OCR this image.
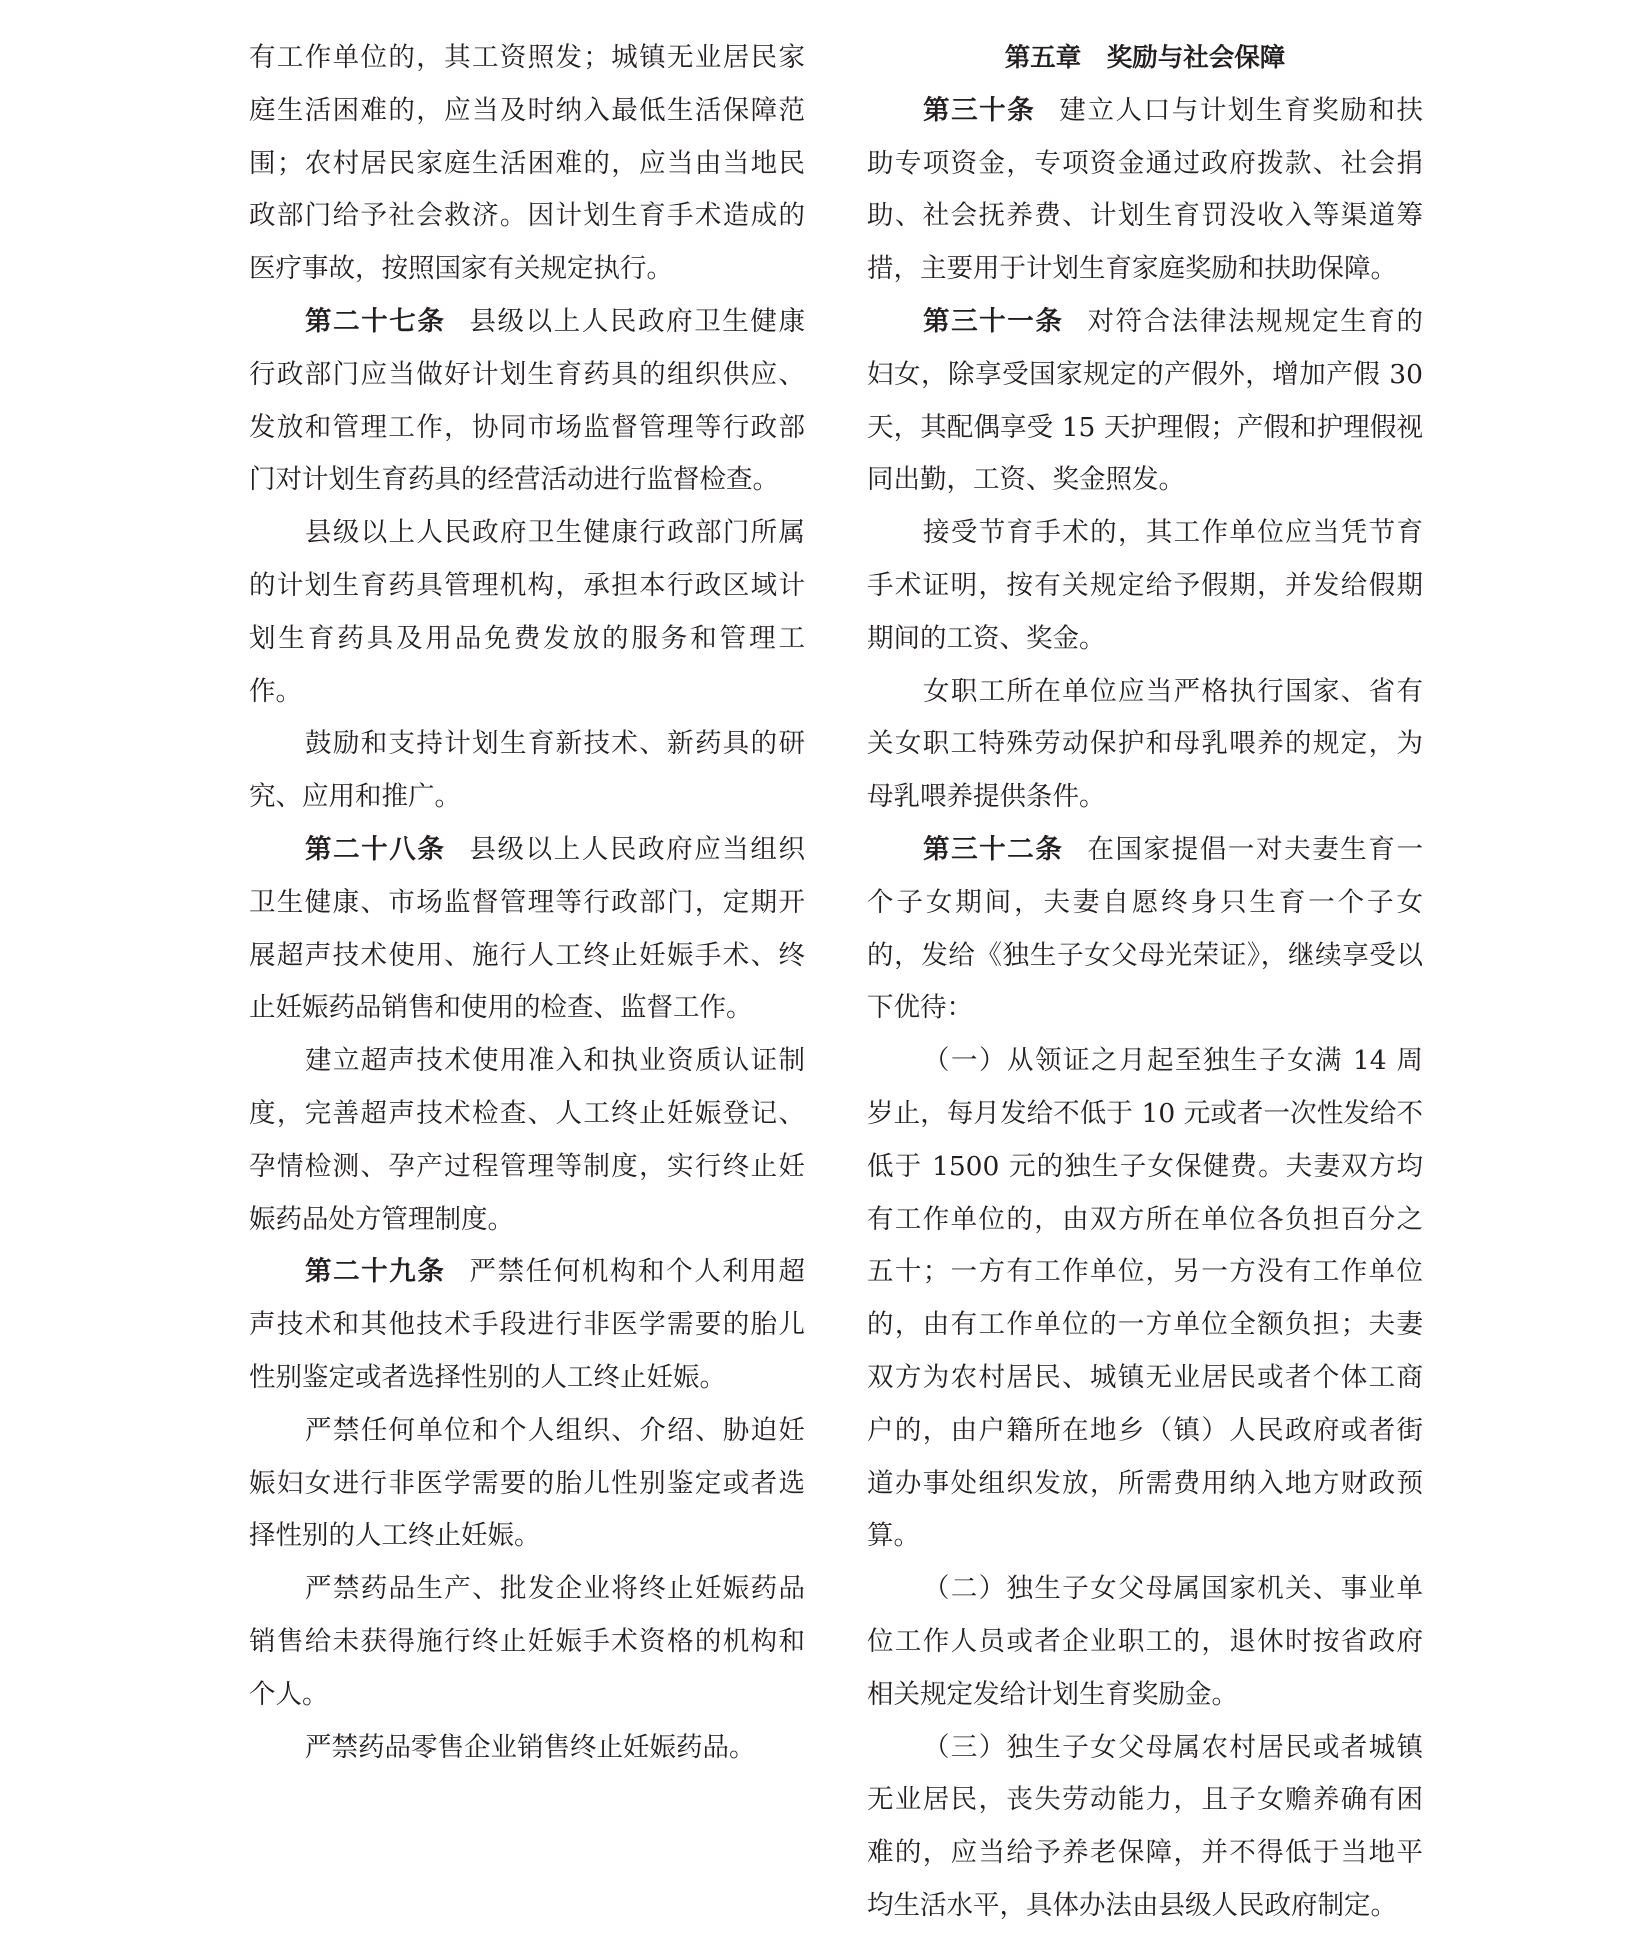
有工作单位的，其工资照发；城镇无业居民家庭生活困难的，应当及时纳入最低生活保障范围；农村居民家庭生活困难的，应当由当地民政部门给予社会救济。因计划生育手术造成的医疗事故，按照国家有关规定执行。

第二十七条 县级以上人民政府卫生健康行政部门应当做好计划生育药具的组织供应、发放和管理工作，协同市场监督管理等行政部门对计划生育药具的经营活动进行监督检查。

县级以上人民政府卫生健康行政部门所属的计划生育药具管理机构，承担本行政区域计划生育药具及用品免费发放的服务和管理工作。

鼓励和支持计划生育新技术、新药具的研究、应用和推广。

第二十八条 县级以上人民政府应当组织卫生健康、市场监督管理等行政部门，定期开展超声技术使用、施行人工终止妊娠手术、终止妊娠药品销售和使用的检查、监督工作。

建立超声技术使用准入和执业资质认证制度，完善超声技术检查、人工终止妊娠登记、孕情检测、孕产过程管理等制度，实行终止妊娠药品处方管理制度。

第二十九条 严禁任何机构和个人利用超声技术和其他技术手段进行非医学需要的胎儿性别鉴定或者选择性别的人工终止妊娠。

严禁任何单位和个人组织、介绍、胁迫妊娠妇女进行非医学需要的胎儿性别鉴定或者选择性别的人工终止妊娠。

严禁药品生产、批发企业将终止妊娠药品销售给未获得施行终止妊娠手术资格的机构和个人。

严禁药品零售企业销售终止妊娠药品。

第五章　奖励与社会保障

第三十条 建立人口与计划生育奖励和扶助专项资金，专项资金通过政府拨款、社会捐助、社会抚养费、计划生育罚没收入等渠道筹措，主要用于计划生育家庭奖励和扶助保障。

第三十一条 对符合法律法规规定生育的妇女，除享受国家规定的产假外，增加产假 30 天，其配偶享受 15 天护理假；产假和护理假视同出勤，工资、奖金照发。

接受节育手术的，其工作单位应当凭节育手术证明，按有关规定给予假期，并发给假期期间的工资、奖金。

女职工所在单位应当严格执行国家、省有关女职工特殊劳动保护和母乳喂养的规定，为母乳喂养提供条件。

第三十二条 在国家提倡一对夫妻生育一个子女期间，夫妻自愿终身只生育一个子女的，发给《独生子女父母光荣证》，继续享受以下优待：

（一）从领证之月起至独生子女满 14 周岁止，每月发给不低于 10 元或者一次性发给不低于 1500 元的独生子女保健费。夫妻双方均有工作单位的，由双方所在单位各负担百分之五十；一方有工作单位，另一方没有工作单位的，由有工作单位的一方单位全额负担；夫妻双方为农村居民、城镇无业居民或者个体工商户的，由户籍所在地乡（镇）人民政府或者街道办事处组织发放，所需费用纳入地方财政预算。

（二）独生子女父母属国家机关、事业单位工作人员或者企业职工的，退休时按省政府相关规定发给计划生育奖励金。

（三）独生子女父母属农村居民或者城镇无业居民，丧失劳动能力，且子女赡养确有困难的，应当给予养老保障，并不得低于当地平均生活水平，具体办法由县级人民政府制定。
